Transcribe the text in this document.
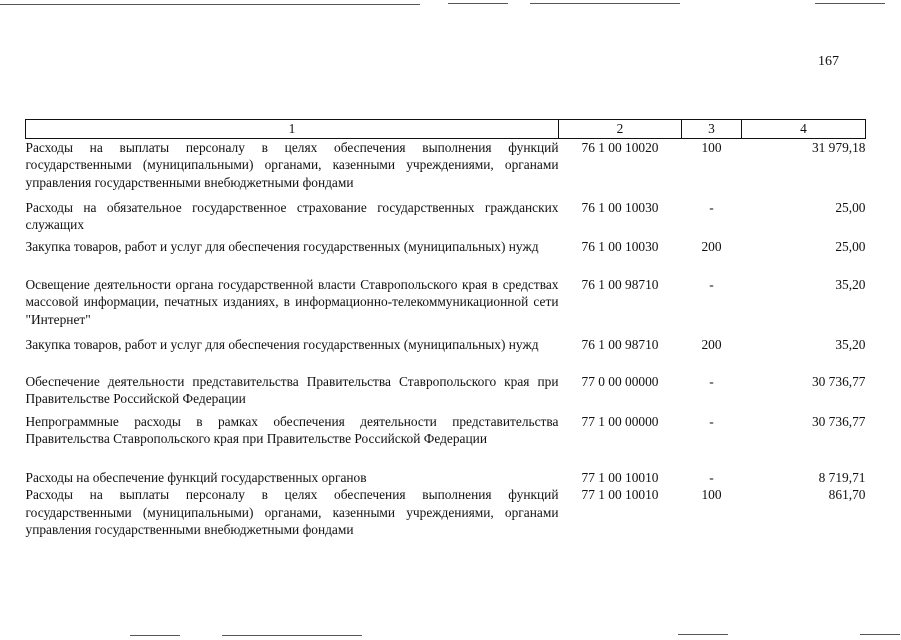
167
1	2	3	4
Расходы на выплаты персоналу в целях обеспечения выполнения функций государственными (муниципальными) органами, казенными учреждениями, органами управления государственными внебюджетными фондами	76 1 00 10020	100	31 979,18
Расходы на обязательное государственное страхование государственных гражданских служащих	76 1 00 10030	-	25,00
Закупка товаров, работ и услуг для обеспечения государственных (муниципальных) нужд	76 1 00 10030	200	25,00
Освещение деятельности органа государственной власти Ставропольского края в средствах массовой информации, печатных изданиях, в информационно-телекоммуникационной сети "Интернет"	76 1 00 98710	-	35,20
Закупка товаров, работ и услуг для обеспечения государственных (муниципальных) нужд	76 1 00 98710	200	35,20
Обеспечение деятельности представительства Правительства Ставропольского края при Правительстве Российской Федерации	77 0 00 00000	-	30 736,77
Непрограммные расходы в рамках обеспечения деятельности представительства Правительства Ставропольского края при Правительстве Российской Федерации	77 1 00 00000	-	30 736,77
Расходы на обеспечение функций государственных органов	77 1 00 10010	-	8 719,71
Расходы на выплаты персоналу в целях обеспечения выполнения функций государственными (муниципальными) органами, казенными учреждениями, органами управления государственными внебюджетными фондами	77 1 00 10010	100	861,70
